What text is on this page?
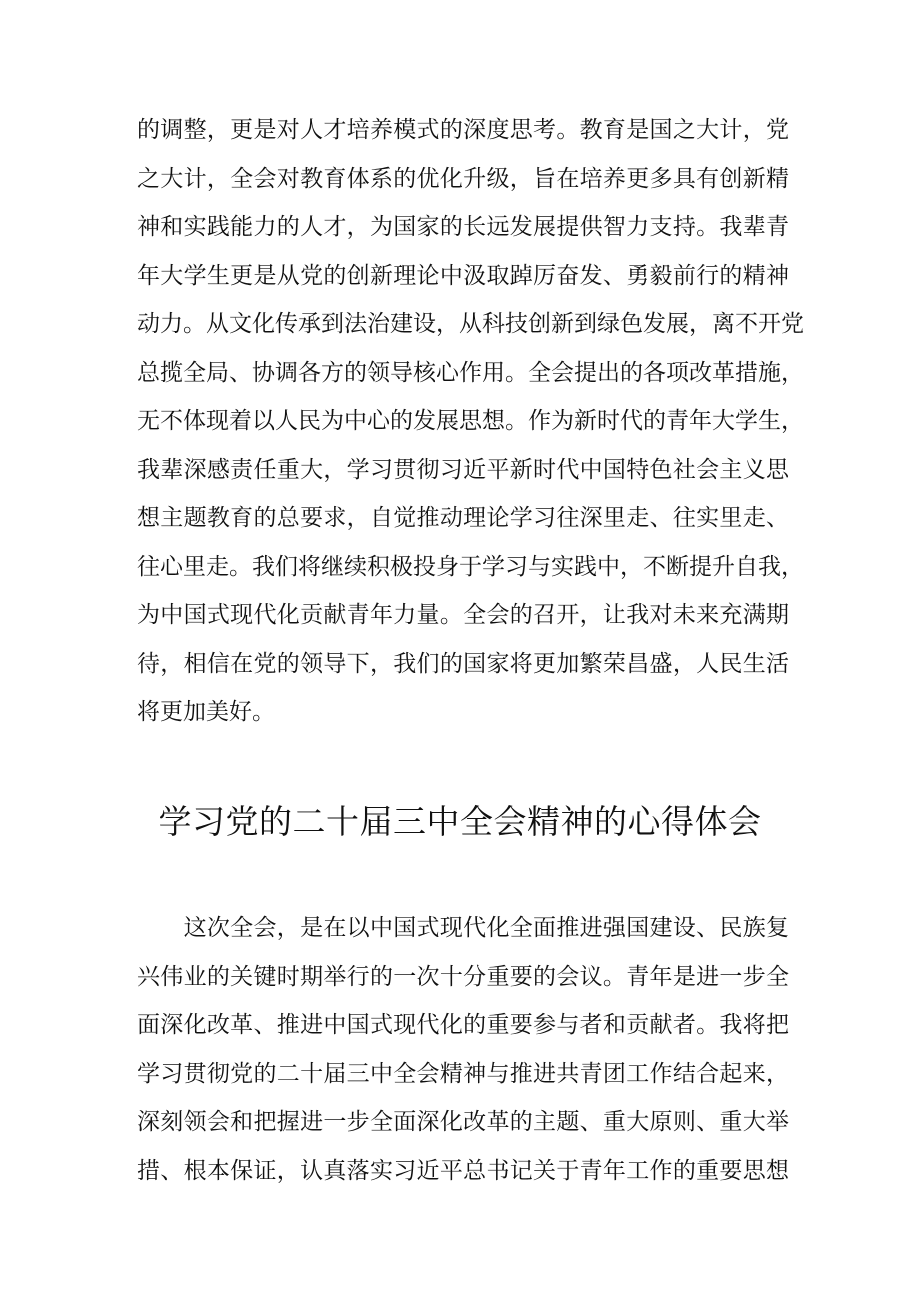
的调整，更是对人才培养模式的深度思考。教育是国之大计，党
之大计，全会对教育体系的优化升级，旨在培养更多具有创新精
神和实践能力的人才，为国家的长远发展提供智力支持。我辈青
年大学生更是从党的创新理论中汲取踔厉奋发、勇毅前行的精神
动力。从文化传承到法治建设，从科技创新到绿色发展，离不开党
总揽全局、协调各方的领导核心作用。全会提出的各项改革措施，
无不体现着以人民为中心的发展思想。作为新时代的青年大学生，
我辈深感责任重大，学习贯彻习近平新时代中国特色社会主义思
想主题教育的总要求，自觉推动理论学习往深里走、往实里走、
往心里走。我们将继续积极投身于学习与实践中，不断提升自我，
为中国式现代化贡献青年力量。全会的召开，让我对未来充满期
待，相信在党的领导下，我们的国家将更加繁荣昌盛，人民生活
将更加美好。

学习党的二十届三中全会精神的心得体会

　　这次全会，是在以中国式现代化全面推进强国建设、民族复
兴伟业的关键时期举行的一次十分重要的会议。青年是进一步全
面深化改革、推进中国式现代化的重要参与者和贡献者。我将把
学习贯彻党的二十届三中全会精神与推进共青团工作结合起来，
深刻领会和把握进一步全面深化改革的主题、重大原则、重大举
措、根本保证，认真落实习近平总书记关于青年工作的重要思想
